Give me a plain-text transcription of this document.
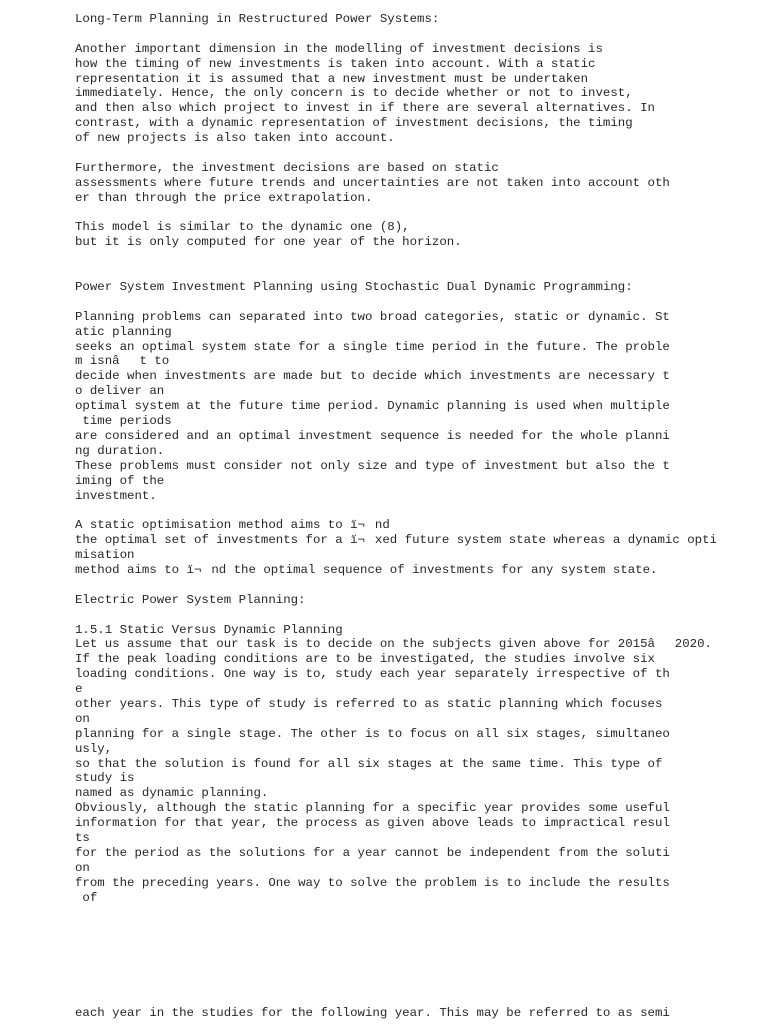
Long-Term Planning in Restructured Power Systems:
Another important dimension in the modelling of investment decisions is
how the timing of new investments is taken into account. With a static
representation it is assumed that a new investment must be undertaken
immediately. Hence, the only concern is to decide whether or not to invest,
and then also which project to invest in if there are several alternatives. In
contrast, with a dynamic representation of investment decisions, the timing
of new projects is also taken into account.
Furthermore, the investment decisions are based on static
assessments where future trends and uncertainties are not taken into account oth
er than through the price extrapolation.
This model is similar to the dynamic one (8),
but it is only computed for one year of the horizon.
Power System Investment Planning using Stochastic Dual Dynamic Programming:
Planning problems can separated into two broad categories, static or dynamic. St
atic planning
seeks an optimal system state for a single time period in the future. The proble
m isnât to
decide when investments are made but to decide which investments are necessary t
o deliver an
optimal system at the future time period. Dynamic planning is used when multiple
time periods
are considered and an optimal investment sequence is needed for the whole planni
ng duration.
These problems must consider not only size and type of investment but also the t
iming of the
investment.
A static optimisation method aims to ï¬nd
the optimal set of investments for a ï¬xed future system state whereas a dynamic opti
misation
method aims to ï¬nd the optimal sequence of investments for any system state.
Electric Power System Planning:
1.5.1 Static Versus Dynamic Planning
Let us assume that our task is to decide on the subjects given above for 2015â2020.
If the peak loading conditions are to be investigated, the studies involve six
loading conditions. One way is to, study each year separately irrespective of th
e
other years. This type of study is referred to as static planning which focuses
on
planning for a single stage. The other is to focus on all six stages, simultaneo
usly,
so that the solution is found for all six stages at the same time. This type of
study is
named as dynamic planning.
Obviously, although the static planning for a specific year provides some useful
information for that year, the process as given above leads to impractical resul
ts
for the period as the solutions for a year cannot be independent from the soluti
on
from the preceding years. One way to solve the problem is to include the results
of
each year in the studies for the following year. This may be referred to as semi
